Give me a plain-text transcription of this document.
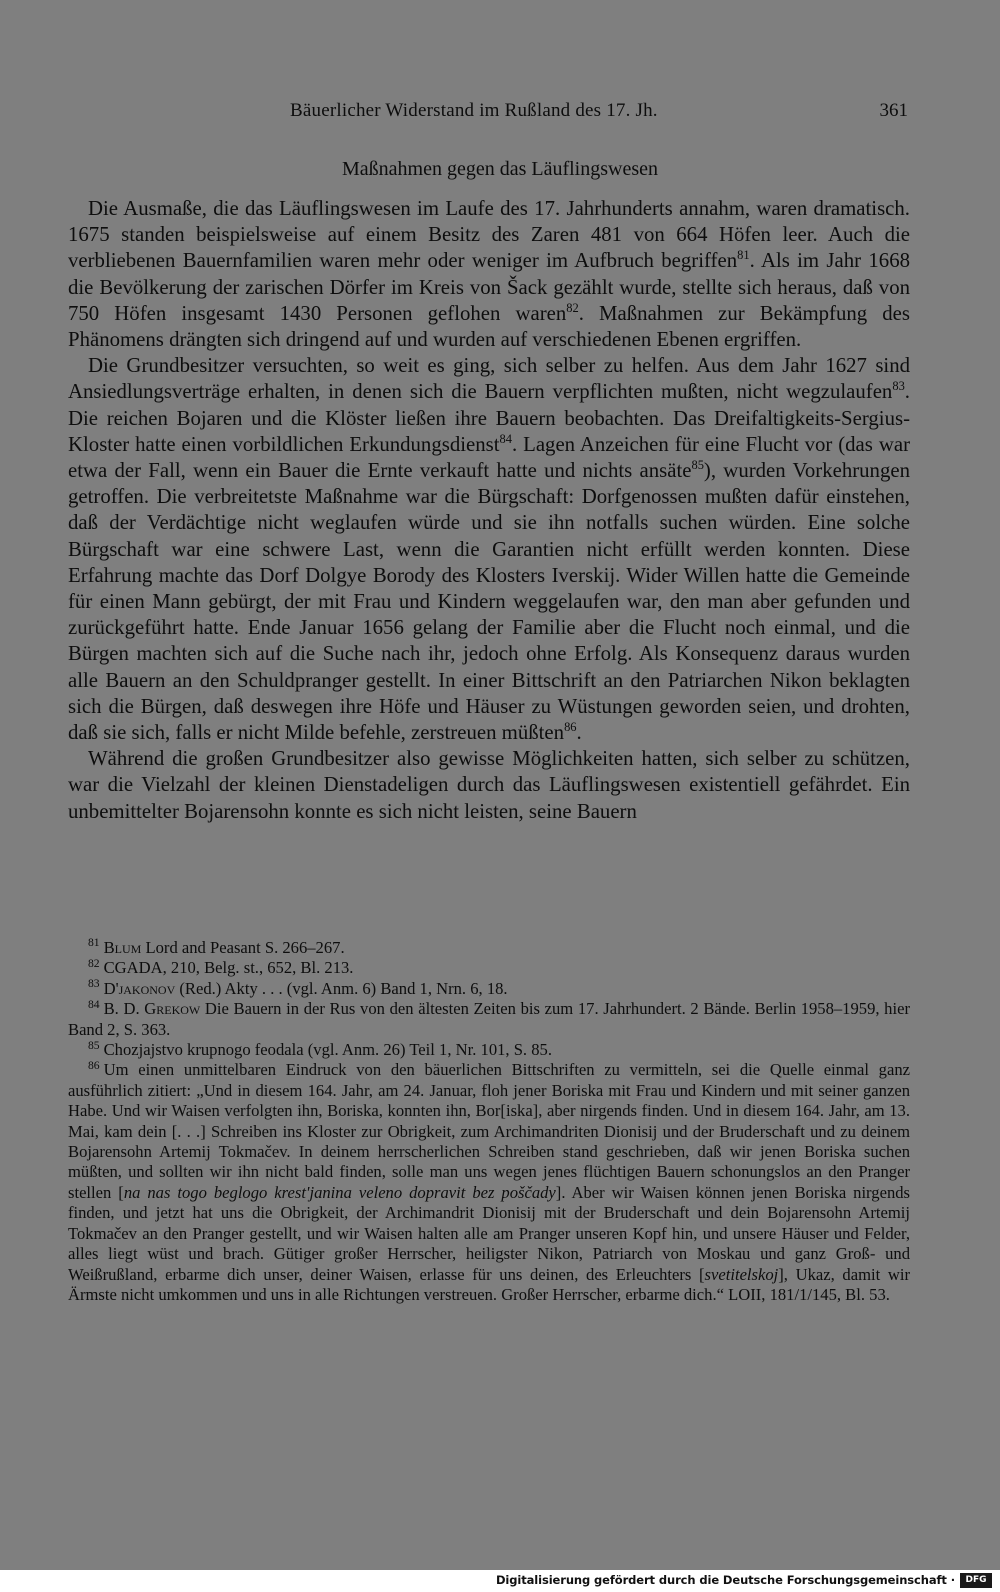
Bäuerlicher Widerstand im Rußland des 17. Jh.	361
Maßnahmen gegen das Läuflingswesen

Die Ausmaße, die das Läuflingswesen im Laufe des 17. Jahrhunderts annahm, waren dramatisch. 1675 standen beispielsweise auf einem Besitz des Zaren 481 von 664 Höfen leer. Auch die verbliebenen Bauernfamilien waren mehr oder weniger im Aufbruch begriffen$^{81}$. Als im Jahr 1668 die Bevölkerung der zarischen Dörfer im Kreis von Šack gezählt wurde, stellte sich heraus, daß von 750 Höfen insgesamt 1430 Personen geflohen waren$^{82}$. Maßnahmen zur Bekämpfung des Phänomens drängten sich dringend auf und wurden auf verschiedenen Ebenen ergriffen.

Die Grundbesitzer versuchten, so weit es ging, sich selber zu helfen. Aus dem Jahr 1627 sind Ansiedlungsverträge erhalten, in denen sich die Bauern verpflichten mußten, nicht wegzulaufen$^{83}$. Die reichen Bojaren und die Klöster ließen ihre Bauern beobachten. Das Dreifaltigkeits-Sergius-Kloster hatte einen vorbildlichen Erkundungsdienst$^{84}$. Lagen Anzeichen für eine Flucht vor (das war etwa der Fall, wenn ein Bauer die Ernte verkauft hatte und nichts ansäte$^{85}$), wurden Vorkehrungen getroffen. Die verbreitetste Maßnahme war die Bürgschaft: Dorfgenossen mußten dafür einstehen, daß der Verdächtige nicht weglaufen würde und sie ihn notfalls suchen würden. Eine solche Bürgschaft war eine schwere Last, wenn die Garantien nicht erfüllt werden konnten. Diese Erfahrung machte das Dorf Dolgye Borody des Klosters Iverskij. Wider Willen hatte die Gemeinde für einen Mann gebürgt, der mit Frau und Kindern weggelaufen war, den man aber gefunden und zurückgeführt hatte. Ende Januar 1656 gelang der Familie aber die Flucht noch einmal, und die Bürgen machten sich auf die Suche nach ihr, jedoch ohne Erfolg. Als Konsequenz daraus wurden alle Bauern an den Schuldpranger gestellt. In einer Bittschrift an den Patriarchen Nikon beklagten sich die Bürgen, daß deswegen ihre Höfe und Häuser zu Wüstungen geworden seien, und drohten, daß sie sich, falls er nicht Milde befehle, zerstreuen müßten$^{86}$.

Während die großen Grundbesitzer also gewisse Möglichkeiten hatten, sich selber zu schützen, war die Vielzahl der kleinen Dienstadeligen durch das Läuflingswesen existentiell gefährdet. Ein unbemittelter Bojarensohn konnte es sich nicht leisten, seine Bauern

$^{81}$ Blum Lord and Peasant S. 266–267.

$^{82}$ CGADA, 210, Belg. st., 652, Bl. 213.

$^{83}$ D'jakonov (Red.) Akty . . . (vgl. Anm. 6) Band 1, Nrn. 6, 18.

$^{84}$ B. D. Grekow Die Bauern in der Rus von den ältesten Zeiten bis zum 17. Jahrhundert. 2 Bände. Berlin 1958–1959, hier Band 2, S. 363.

$^{85}$ Chozjajstvo krupnogo feodala (vgl. Anm. 26) Teil 1, Nr. 101, S. 85.

$^{86}$ Um einen unmittelbaren Eindruck von den bäuerlichen Bittschriften zu vermitteln, sei die Quelle einmal ganz ausführlich zitiert: „Und in diesem 164. Jahr, am 24. Januar, floh jener Boriska mit Frau und Kindern und mit seiner ganzen Habe. Und wir Waisen verfolgten ihn, Boriska, konnten ihn, Bor[iska], aber nirgends finden. Und in diesem 164. Jahr, am 13. Mai, kam dein [. . .] Schreiben ins Kloster zur Obrigkeit, zum Archimandriten Dionisij und der Bruderschaft und zu deinem Bojarensohn Artemij Tokmačev. In deinem herrscherlichen Schreiben stand geschrieben, daß wir jenen Boriska suchen müßten, und sollten wir ihn nicht bald finden, solle man uns wegen jenes flüchtigen Bauern schonungslos an den Pranger stellen [na nas togo beglogo krest'janina veleno dopravit bez poščady]. Aber wir Waisen können jenen Boriska nirgends finden, und jetzt hat uns die Obrigkeit, der Archimandrit Dionisij mit der Bruderschaft und dein Bojarensohn Artemij Tokmačev an den Pranger gestellt, und wir Waisen halten alle am Pranger unseren Kopf hin, und unsere Häuser und Felder, alles liegt wüst und brach. Gütiger großer Herrscher, heiligster Nikon, Patriarch von Moskau und ganz Groß- und Weißrußland, erbarme dich unser, deiner Waisen, erlasse für uns deinen, des Erleuchters [svetitelskoj], Ukaz, damit wir Ärmste nicht umkommen und uns in alle Richtungen verstreuen. Großer Herrscher, erbarme dich.“ LOII, 181/1/145, Bl. 53.

Digitalisierung gefördert durch die Deutsche Forschungsgemeinschaft ·	DFG
